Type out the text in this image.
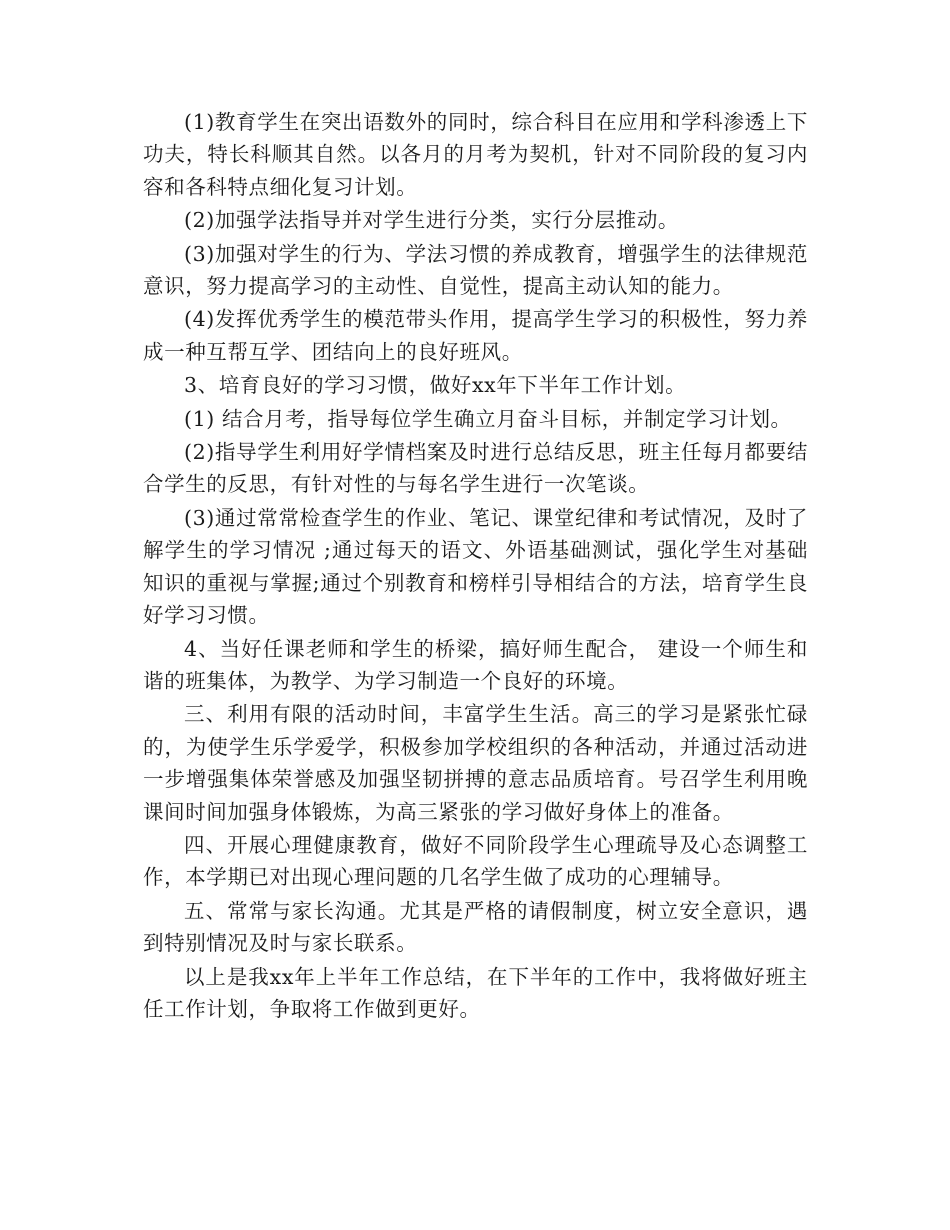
(1)教育学生在突出语数外的同时，综合科目在应用和学科渗透上下功夫，特长科顺其自然。以各月的月考为契机，针对不同阶段的复习内容和各科特点细化复习计划。

(2)加强学法指导并对学生进行分类，实行分层推动。

(3)加强对学生的行为、学法习惯的养成教育，增强学生的法律规范意识，努力提高学习的主动性、自觉性，提高主动认知的能力。

(4)发挥优秀学生的模范带头作用，提高学生学习的积极性，努力养成一种互帮互学、团结向上的良好班风。

3、培育良好的学习习惯，做好xx年下半年工作计划。

(1) 结合月考，指导每位学生确立月奋斗目标，并制定学习计划。

(2)指导学生利用好学情档案及时进行总结反思，班主任每月都要结合学生的反思，有针对性的与每名学生进行一次笔谈。

(3)通过常常检查学生的作业、笔记、课堂纪律和考试情况，及时了解学生的学习情况 ;通过每天的语文、外语基础测试，强化学生对基础知识的重视与掌握;通过个别教育和榜样引导相结合的方法，培育学生良好学习习惯。

4、当好任课老师和学生的桥梁，搞好师生配合， 建设一个师生和谐的班集体，为教学、为学习制造一个良好的环境。

三、利用有限的活动时间，丰富学生生活。高三的学习是紧张忙碌的，为使学生乐学爱学，积极参加学校组织的各种活动，并通过活动进一步增强集体荣誉感及加强坚韧拼搏的意志品质培育。号召学生利用晚课间时间加强身体锻炼，为高三紧张的学习做好身体上的准备。

四、开展心理健康教育，做好不同阶段学生心理疏导及心态调整工作，本学期已对出现心理问题的几名学生做了成功的心理辅导。

五、常常与家长沟通。尤其是严格的请假制度，树立安全意识，遇到特别情况及时与家长联系。

以上是我xx年上半年工作总结，在下半年的工作中，我将做好班主任工作计划，争取将工作做到更好。
